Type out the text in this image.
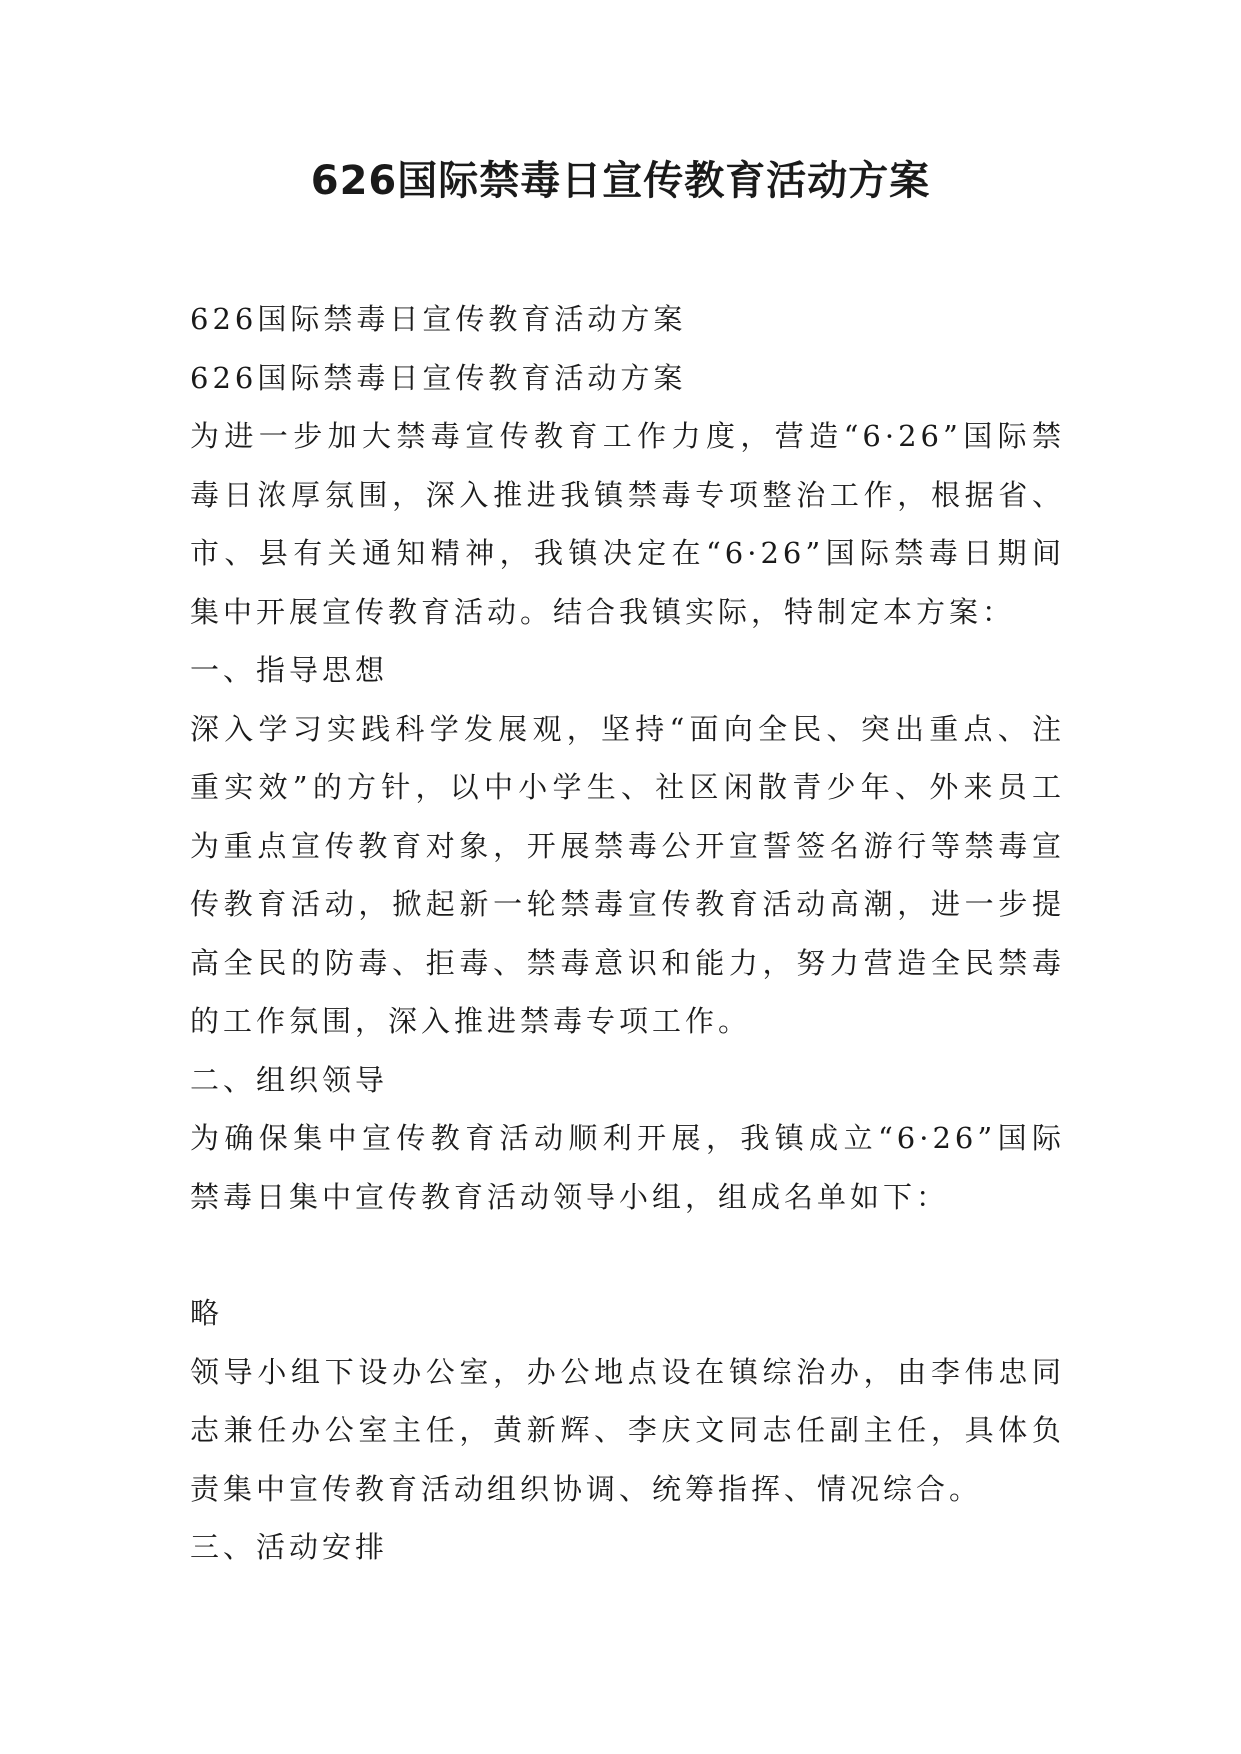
626国际禁毒日宣传教育活动方案

626国际禁毒日宣传教育活动方案

626国际禁毒日宣传教育活动方案

为进一步加大禁毒宣传教育工作力度，营造“6·26”国际禁毒日浓厚氛围，深入推进我镇禁毒专项整治工作，根据省、市、县有关通知精神，我镇决定在“6·26”国际禁毒日期间集中开展宣传教育活动。结合我镇实际，特制定本方案：

一、指导思想

深入学习实践科学发展观，坚持“面向全民、突出重点、注重实效”的方针，以中小学生、社区闲散青少年、外来员工为重点宣传教育对象，开展禁毒公开宣誓签名游行等禁毒宣传教育活动，掀起新一轮禁毒宣传教育活动高潮，进一步提高全民的防毒、拒毒、禁毒意识和能力，努力营造全民禁毒的工作氛围，深入推进禁毒专项工作。

二、组织领导

为确保集中宣传教育活动顺利开展，我镇成立“6·26”国际禁毒日集中宣传教育活动领导小组，组成名单如下：

略

领导小组下设办公室，办公地点设在镇综治办，由李伟忠同志兼任办公室主任，黄新辉、李庆文同志任副主任，具体负责集中宣传教育活动组织协调、统筹指挥、情况综合。

三、活动安排
